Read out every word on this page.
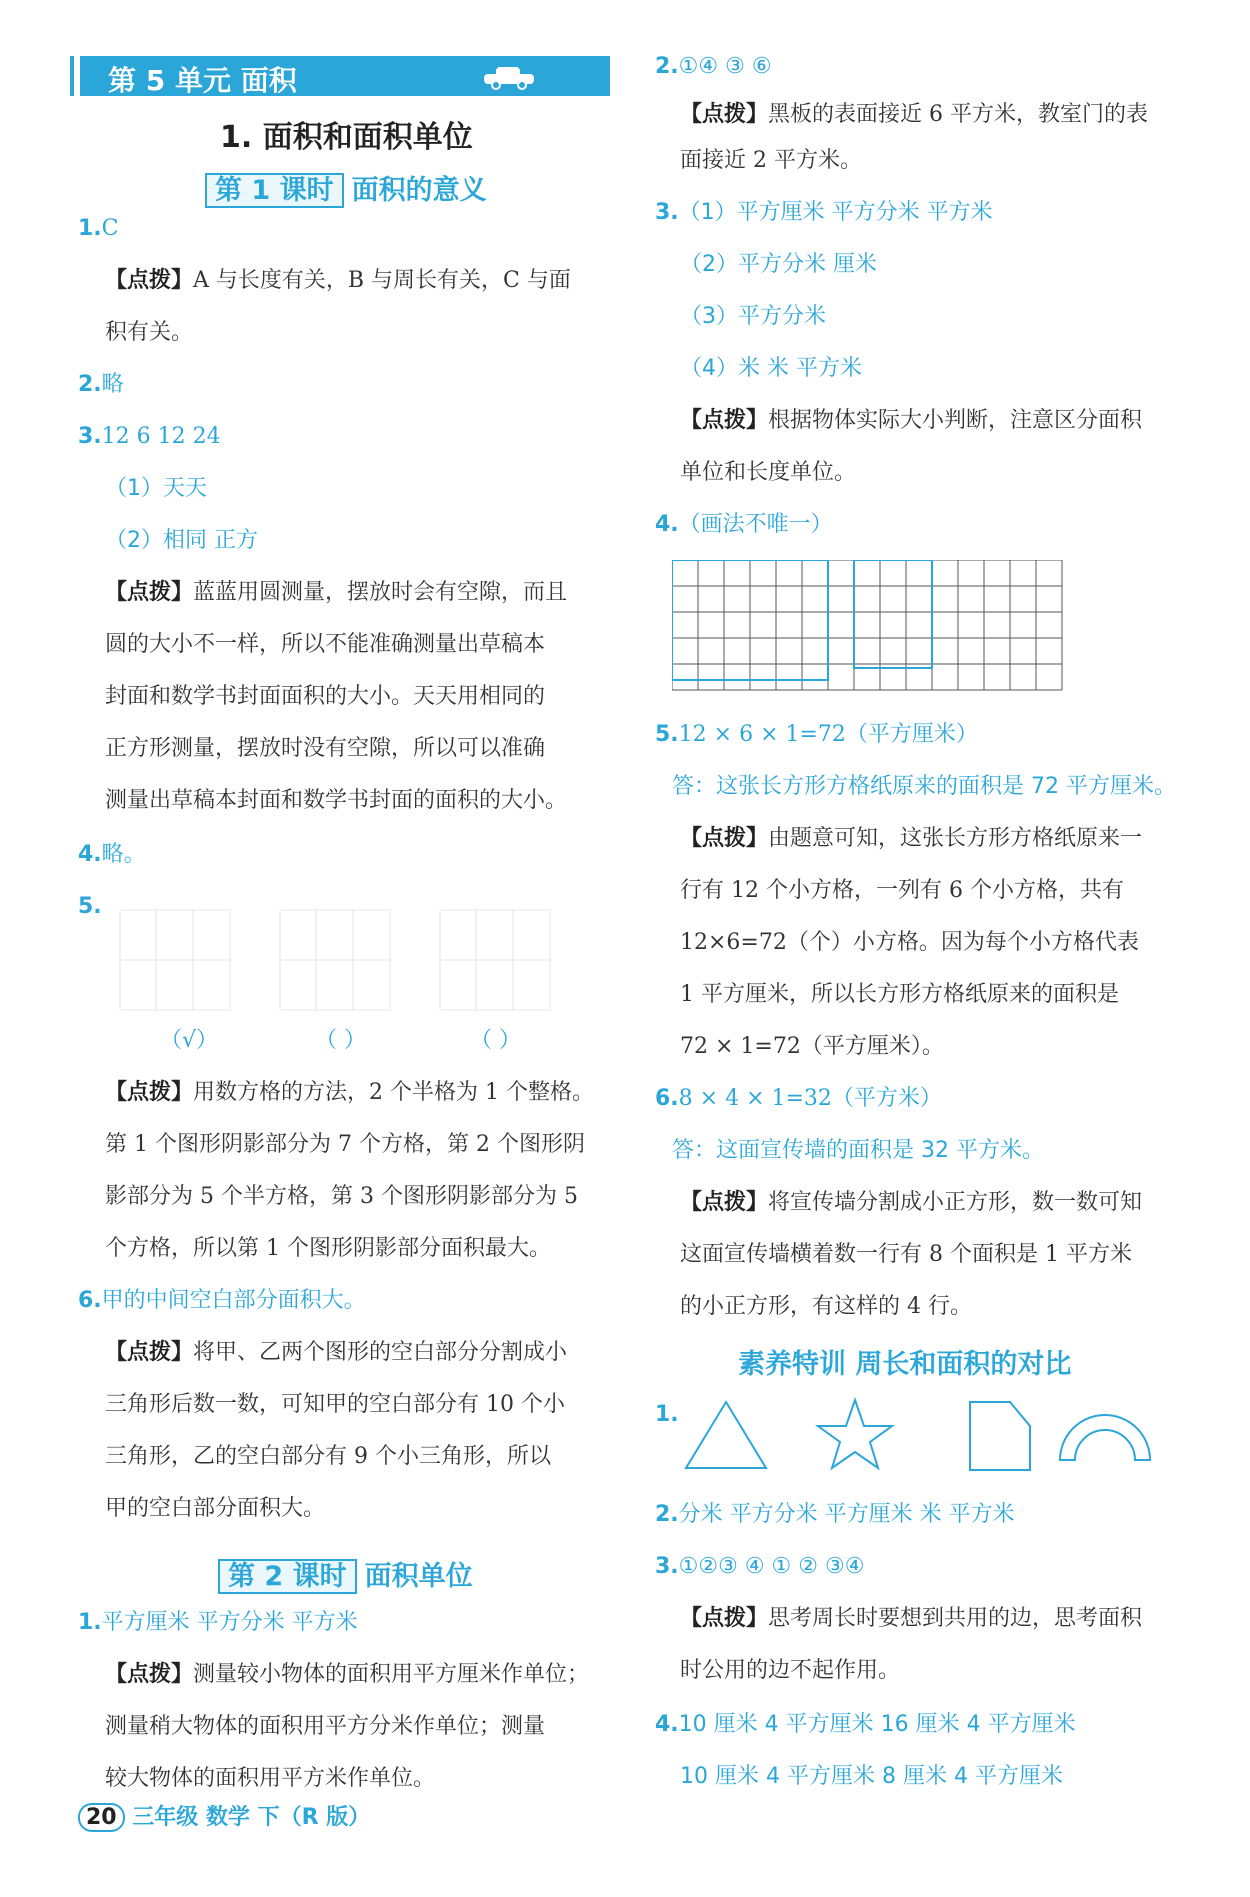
第 5 单元 面积
1. 面积和面积单位
第 1 课时 面积的意义
1.C
【点拨】A 与长度有关，B 与周长有关，C 与面
积有关。
2.略
3.12 6 12 24
（1）天天
（2）相同 正方
【点拨】蓝蓝用圆测量，摆放时会有空隙，而且
圆的大小不一样，所以不能准确测量出草稿本
封面和数学书封面面积的大小。天天用相同的
正方形测量，摆放时没有空隙，所以可以准确
测量出草稿本封面和数学书封面的面积的大小。
4.略。
5.
（√）	（ ）	（ ）
【点拨】用数方格的方法，2 个半格为 1 个整格。
第 1 个图形阴影部分为 7 个方格，第 2 个图形阴
影部分为 5 个半方格，第 3 个图形阴影部分为 5
个方格，所以第 1 个图形阴影部分面积最大。
6.甲的中间空白部分面积大。
【点拨】将甲、乙两个图形的空白部分分割成小
三角形后数一数，可知甲的空白部分有 10 个小
三角形，乙的空白部分有 9 个小三角形，所以
甲的空白部分面积大。
第 2 课时 面积单位
1.平方厘米 平方分米 平方米
【点拨】测量较小物体的面积用平方厘米作单位；
测量稍大物体的面积用平方分米作单位；测量
较大物体的面积用平方米作单位。
20 三年级 数学 下（R 版）
2.①④ ③ ⑥
【点拨】黑板的表面接近 6 平方米，教室门的表
面接近 2 平方米。
3.（1）平方厘米 平方分米 平方米
（2）平方分米 厘米
（3）平方分米
（4）米 米 平方米
【点拨】根据物体实际大小判断，注意区分面积
单位和长度单位。
4.（画法不唯一）
5.12 × 6 × 1=72（平方厘米）
答：这张长方形方格纸原来的面积是 72 平方厘米。
【点拨】由题意可知，这张长方形方格纸原来一
行有 12 个小方格，一列有 6 个小方格，共有
12×6=72（个）小方格。因为每个小方格代表
1 平方厘米，所以长方形方格纸原来的面积是
72 × 1=72（平方厘米）。
6.8 × 4 × 1=32（平方米）
答：这面宣传墙的面积是 32 平方米。
【点拨】将宣传墙分割成小正方形，数一数可知
这面宣传墙横着数一行有 8 个面积是 1 平方米
的小正方形，有这样的 4 行。
素养特训 周长和面积的对比
1.
2.分米 平方分米 平方厘米 米 平方米
3.①②③ ④ ① ② ③④
【点拨】思考周长时要想到共用的边，思考面积
时公用的边不起作用。
4.10 厘米 4 平方厘米 16 厘米 4 平方厘米
10 厘米 4 平方厘米 8 厘米 4 平方厘米
